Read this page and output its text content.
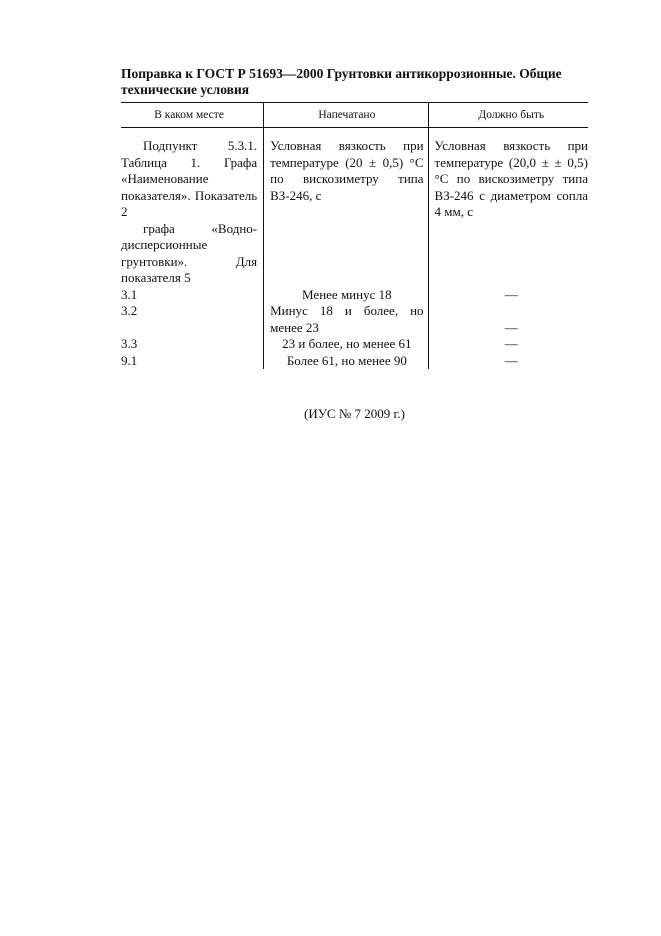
Поправка к ГОСТ Р 51693—2000 Грунтовки антикоррозионные. Общие
технические условия

В каком месте	Напечатано	Должно быть

Подпункт 5.3.1. Таблица 1. Графа «Наименование показателя». Показатель 2
графа «Водно-дисперсионные грунтовки». Для показателя 5	Условная вязкость при температуре (20 ± 0,5) °С по вискозиметру типа ВЗ-246, с	Условная вязкость при температуре (20,0 ± ± 0,5) °С по вискозиметру типа ВЗ-246 с диаметром сопла 4 мм, с
3.1	Менее минус 18	—
3.2	Минус 18 и более, но менее 23	—
3.3	23 и более, но менее 61	—
9.1	Более 61, но менее 90	—
(ИУС № 7 2009 г.)
